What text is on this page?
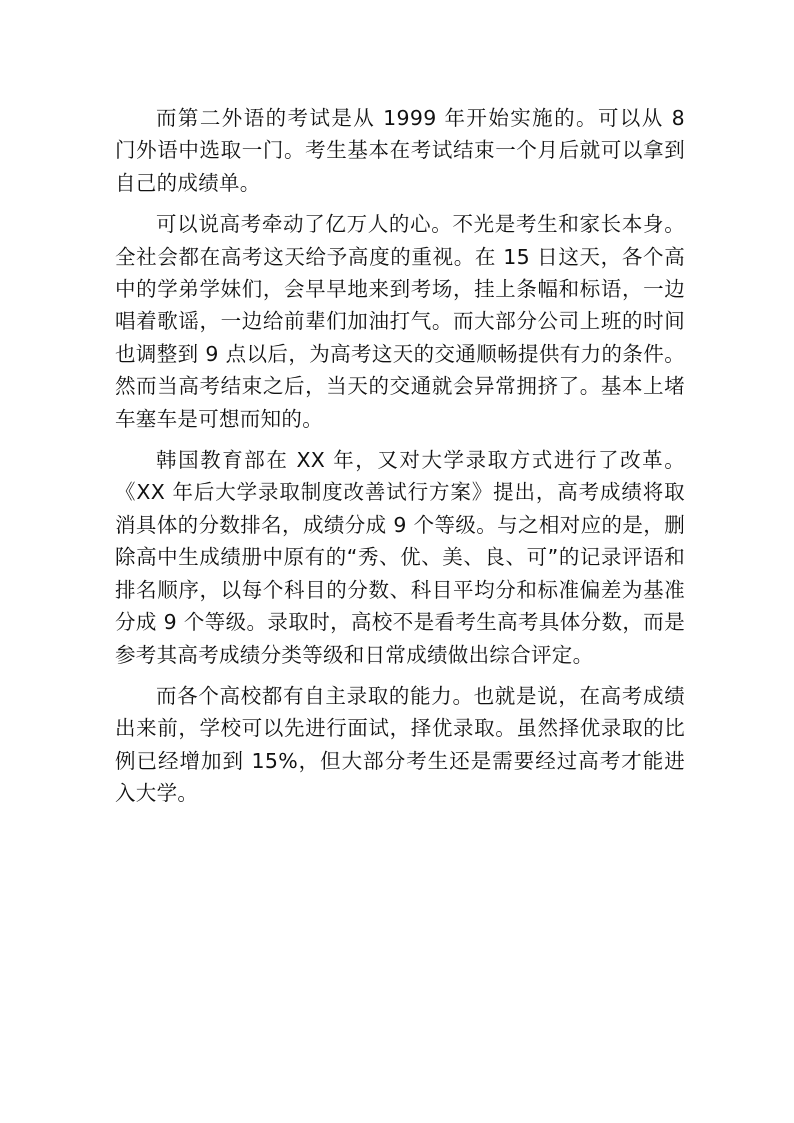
而第二外语的考试是从 1999 年开始实施的。可以从 8 门外语中选取一门。考生基本在考试结束一个月后就可以拿到自己的成绩单。

可以说高考牵动了亿万人的心。不光是考生和家长本身。全社会都在高考这天给予高度的重视。在 15 日这天，各个高中的学弟学妹们，会早早地来到考场，挂上条幅和标语，一边唱着歌谣，一边给前辈们加油打气。而大部分公司上班的时间也调整到 9 点以后，为高考这天的交通顺畅提供有力的条件。然而当高考结束之后，当天的交通就会异常拥挤了。基本上堵车塞车是可想而知的。

韩国教育部在 XX 年，又对大学录取方式进行了改革。《XX 年后大学录取制度改善试行方案》提出，高考成绩将取消具体的分数排名，成绩分成 9 个等级。与之相对应的是，删除高中生成绩册中原有的“秀、优、美、良、可”的记录评语和排名顺序，以每个科目的分数、科目平均分和标准偏差为基准分成 9 个等级。录取时，高校不是看考生高考具体分数，而是参考其高考成绩分类等级和日常成绩做出综合评定。

而各个高校都有自主录取的能力。也就是说，在高考成绩出来前，学校可以先进行面试，择优录取。虽然择优录取的比例已经增加到 15%，但大部分考生还是需要经过高考才能进入大学。
